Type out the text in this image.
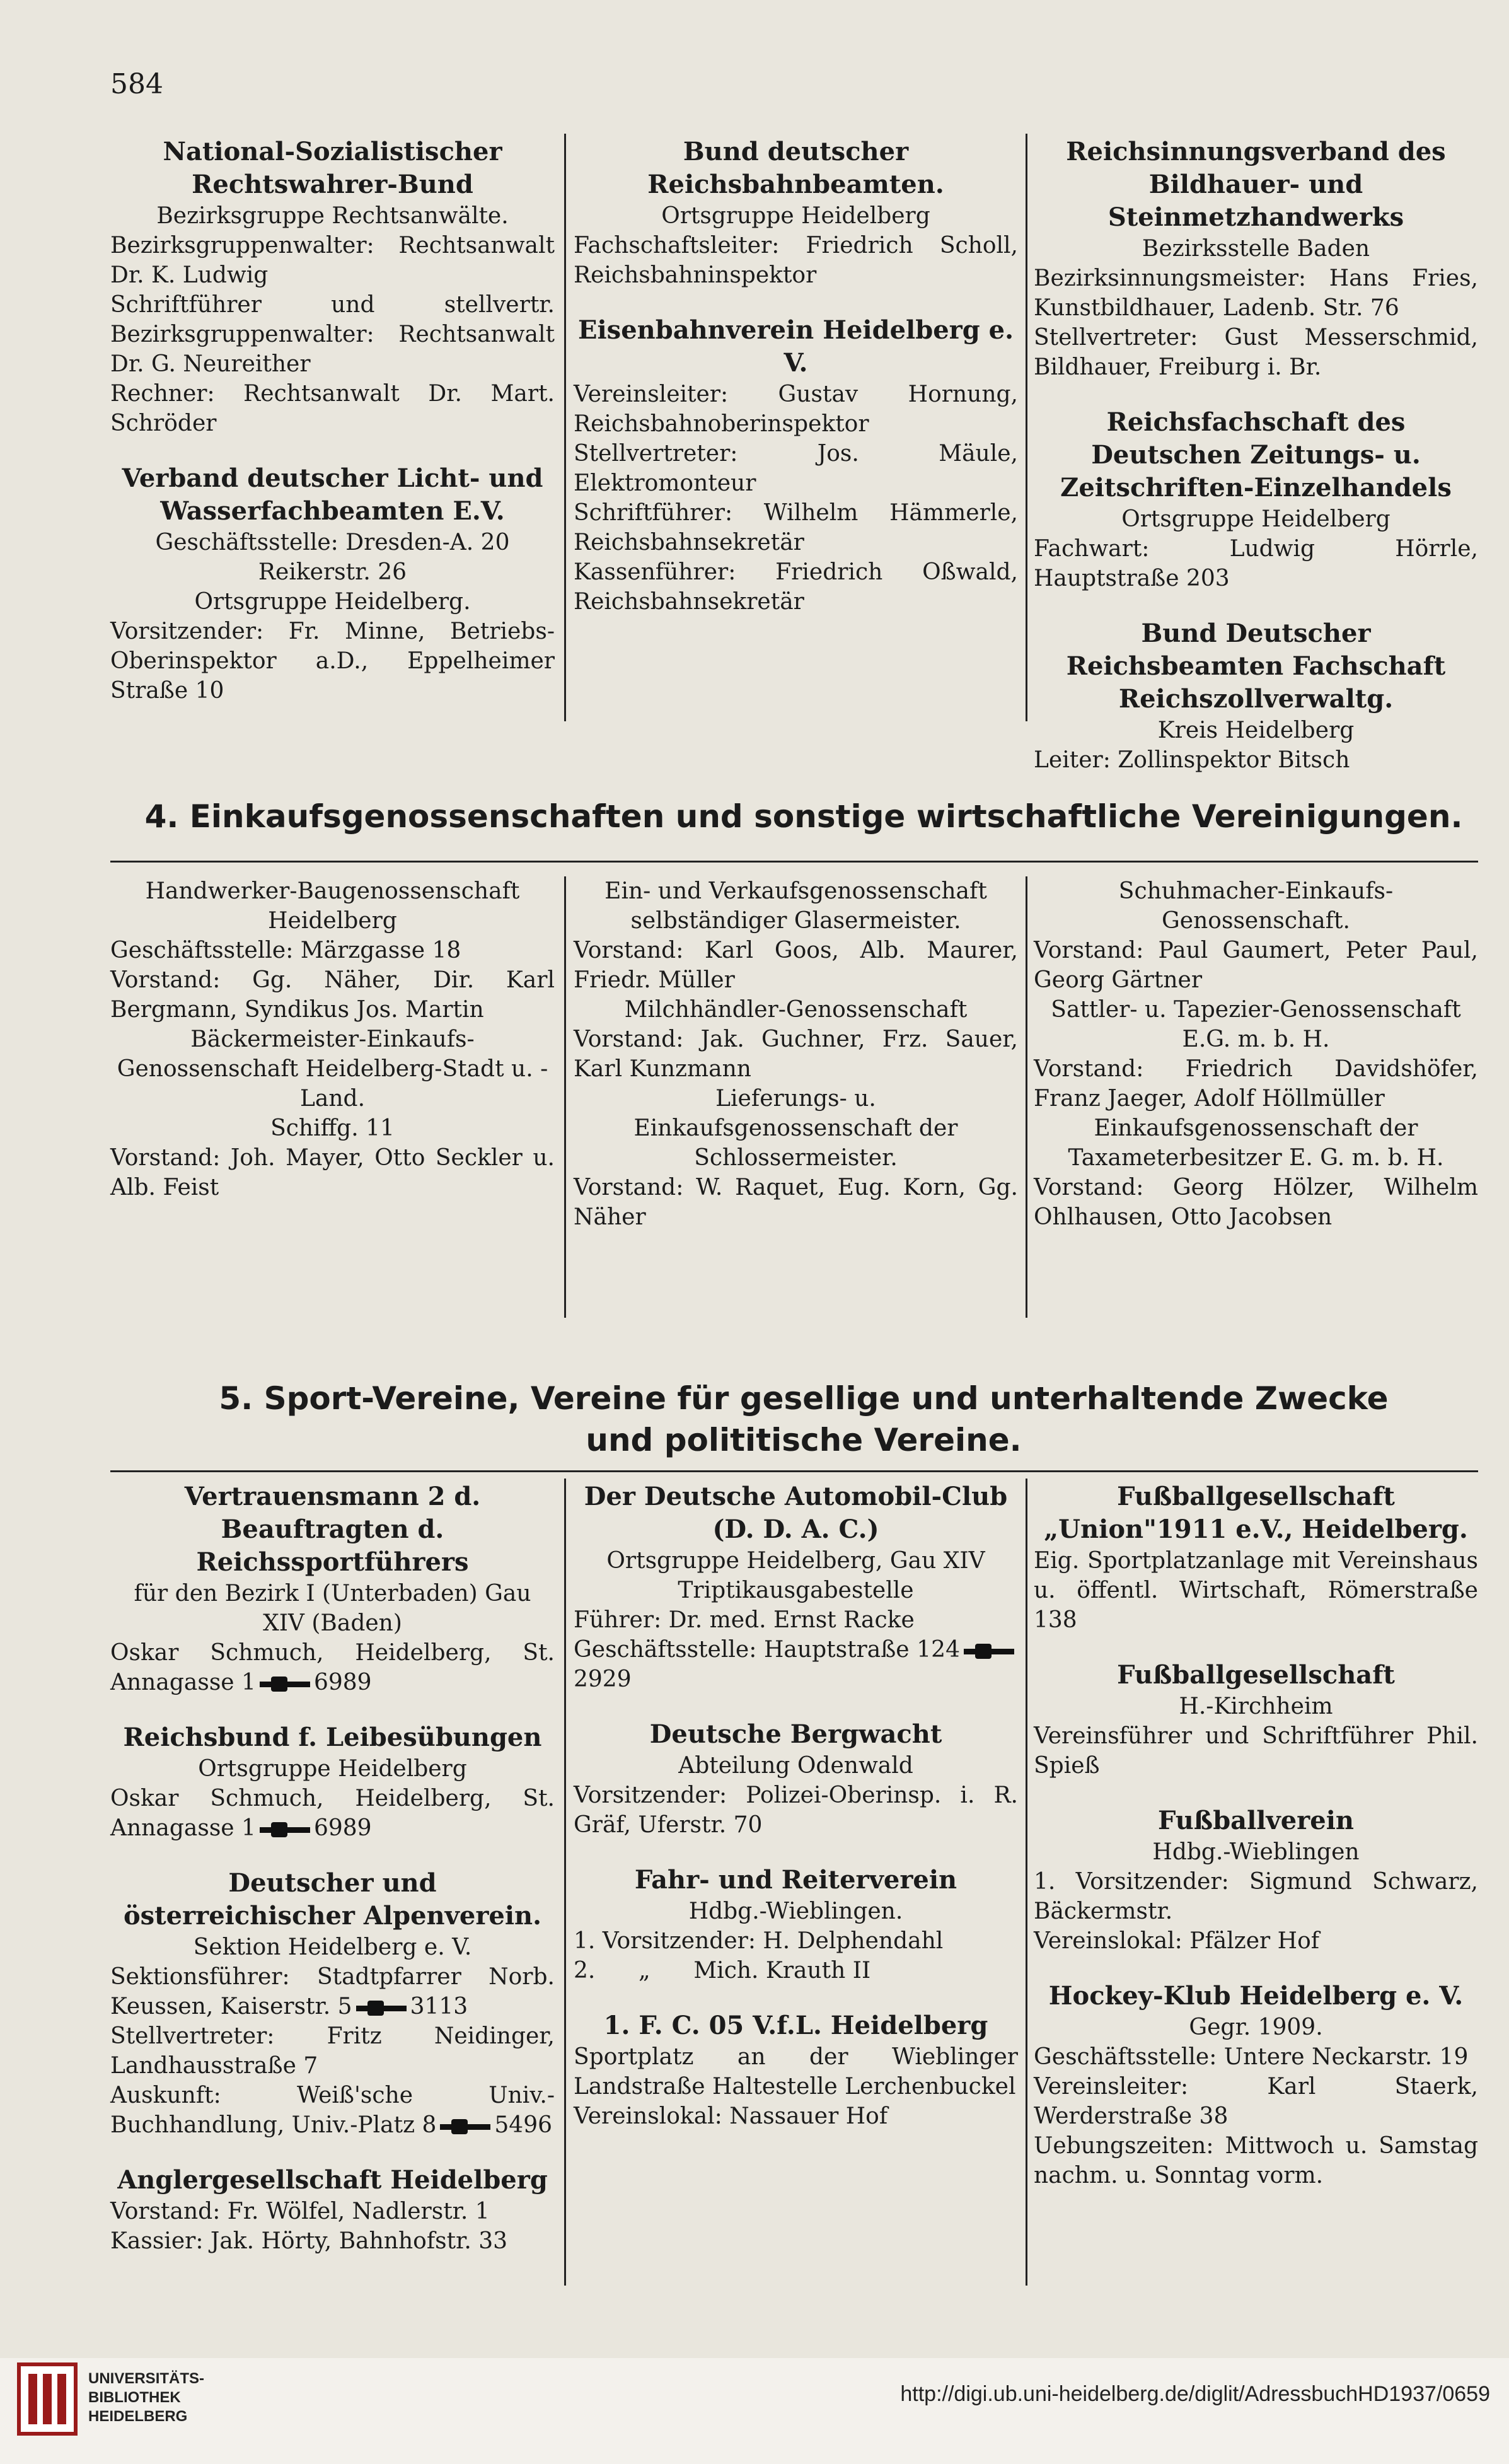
584
National-Sozialistischer Rechtswahrer-Bund
Bezirksgruppe Rechtsanwälte.
Bezirksgruppenwalter: Rechtsanwalt Dr. K. Ludwig
Schriftführer und stellvertr. Bezirksgruppenwalter: Rechtsanwalt Dr. G. Neureither
Rechner: Rechtsanwalt Dr. Mart. Schröder
Verband deutscher Licht- und Wasserfachbeamten E.V.
Geschäftsstelle: Dresden-A. 20 Reikerstr. 26
Ortsgruppe Heidelberg.
Vorsitzender: Fr. Minne, Betriebs-Oberinspektor a.D., Eppelheimer Straße 10
Bund deutscher Reichsbahnbeamten.
Ortsgruppe Heidelberg
Fachschaftsleiter: Friedrich Scholl, Reichsbahninspektor
Eisenbahnverein Heidelberg e. V.
Vereinsleiter: Gustav Hornung, Reichsbahnoberinspektor
Stellvertreter: Jos. Mäule, Elektromonteur
Schriftführer: Wilhelm Hämmerle, Reichsbahnsekretär
Kassenführer: Friedrich Oßwald, Reichsbahnsekretär
Reichsinnungsverband des Bildhauer- und Steinmetzhandwerks
Bezirksstelle Baden
Bezirksinnungsmeister: Hans Fries, Kunstbildhauer, Ladenb. Str. 76
Stellvertreter: Gust Messerschmid, Bildhauer, Freiburg i. Br.
Reichsfachschaft des Deutschen Zeitungs- u. Zeitschriften-Einzelhandels
Ortsgruppe Heidelberg
Fachwart: Ludwig Hörrle, Hauptstraße 203
Bund Deutscher Reichsbeamten Fachschaft Reichszollverwaltg.
Kreis Heidelberg
Leiter: Zollinspektor Bitsch
4. Einkaufsgenossenschaften und sonstige wirtschaftliche Vereinigungen.
Handwerker-Baugenossenschaft Heidelberg
Geschäftsstelle: Märzgasse 18
Vorstand: Gg. Näher, Dir. Karl Bergmann, Syndikus Jos. Martin
Bäckermeister-Einkaufs-Genossenschaft Heidelberg-Stadt u. -Land.
Schiffg. 11
Vorstand: Joh. Mayer, Otto Seckler u. Alb. Feist
Ein- und Verkaufsgenossenschaft selbständiger Glasermeister.
Vorstand: Karl Goos, Alb. Maurer, Friedr. Müller
Milchhändler-Genossenschaft
Vorstand: Jak. Guchner, Frz. Sauer, Karl Kunzmann
Lieferungs- u. Einkaufsgenossenschaft der Schlossermeister.
Vorstand: W. Raquet, Eug. Korn, Gg. Näher
Schuhmacher-Einkaufs-Genossenschaft.
Vorstand: Paul Gaumert, Peter Paul, Georg Gärtner
Sattler- u. Tapezier-Genossenschaft E.G. m. b. H.
Vorstand: Friedrich Davidshöfer, Franz Jaeger, Adolf Höllmüller
Einkaufsgenossenschaft der Taxameterbesitzer E. G. m. b. H.
Vorstand: Georg Hölzer, Wilhelm Ohlhausen, Otto Jacobsen
5. Sport-Vereine, Vereine für gesellige und unterhaltende Zwecke und polititische Vereine.
Vertrauensmann 2 d. Beauftragten d. Reichssportführers
für den Bezirk I (Unterbaden) Gau XIV (Baden)
Oskar Schmuch, Heidelberg, St. Annagasse 1	6989
Reichsbund f. Leibesübungen
Ortsgruppe Heidelberg
Oskar Schmuch, Heidelberg, St. Annagasse 1	6989
Deutscher und österreichischer Alpenverein.
Sektion Heidelberg e. V.
Sektionsführer: Stadtpfarrer Norb. Keussen, Kaiserstr. 5	3113
Stellvertreter: Fritz Neidinger, Landhausstraße 7
Auskunft: Weiß'sche Univ.-Buchhandlung, Univ.-Platz 8	5496
Anglergesellschaft Heidelberg
Vorstand: Fr. Wölfel, Nadlerstr. 1
Kassier: Jak. Hörty, Bahnhofstr. 33
Der Deutsche Automobil-Club (D. D. A. C.)
Ortsgruppe Heidelberg, Gau XIV Triptikausgabestelle
Führer: Dr. med. Ernst Racke
Geschäftsstelle: Hauptstraße 1242929
Deutsche Bergwacht
Abteilung Odenwald
Vorsitzender: Polizei-Oberinsp. i. R. Gräf, Uferstr. 70
Fahr- und Reiterverein
Hdbg.-Wieblingen.
1. Vorsitzender: H. Delphendahl
2.      „      Mich. Krauth II
1. F. C. 05 V.f.L. Heidelberg
Sportplatz an der Wieblinger Landstraße Haltestelle Lerchenbuckel
Vereinslokal: Nassauer Hof
Fußballgesellschaft „Union"1911 e.V., Heidelberg.
Eig. Sportplatzanlage mit Vereinshaus u. öffentl. Wirtschaft, Römerstraße 138
Fußballgesellschaft
H.-Kirchheim
Vereinsführer und Schriftführer Phil. Spieß
Fußballverein
Hdbg.-Wieblingen
1. Vorsitzender: Sigmund Schwarz, Bäckermstr.
Vereinslokal: Pfälzer Hof
Hockey-Klub Heidelberg e. V.
Gegr. 1909.
Geschäftsstelle: Untere Neckarstr. 19
Vereinsleiter: Karl Staerk, Werderstraße 38
Uebungszeiten: Mittwoch u. Samstag nachm. u. Sonntag vorm.
UNIVERSITÄTS-
BIBLIOTHEK
HEIDELBERG
http://digi.ub.uni-heidelberg.de/diglit/AdressbuchHD1937/0659
